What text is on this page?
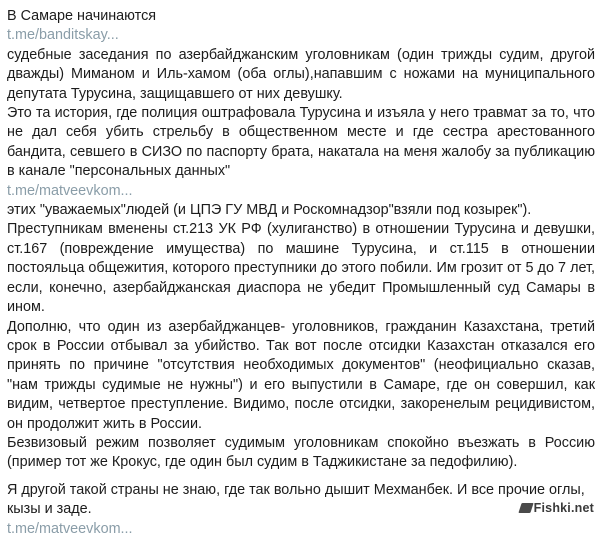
В Самаре начинаются

t.me/banditskay...

судебные заседания по азербайджанским уголовникам (один трижды судим, другой дважды) Миманом и Иль-хамом (оба оглы),напавшим с ножами на муниципального депутата Турусина, защищавшего от них девушку.

Это та история, где полиция оштрафовала Турусина и изъяла у него травмат за то, что не дал себя убить стрельбу в общественном месте и где сестра арестованного бандита, севшего в СИЗО по паспорту брата, накатала на меня жалобу за публикацию в канале "персональных данных"

t.me/matveevkom...

этих "уважаемых"людей (и ЦПЭ ГУ МВД и Роскомнадзор"взяли под козырек").

Преступникам вменены ст.213 УК РФ (хулиганство) в отношении Турусина и девушки, ст.167 (повреждение имущества) по машине Турусина, и ст.115 в отношении постояльца общежития, которого преступники до этого побили. Им грозит от 5 до 7 лет, если, конечно, азербайджанская диаспора не убедит Промышленный суд Самары в ином.

Дополню, что один из азербайджанцев- уголовников, гражданин Казахстана, третий срок в России отбывал за убийство. Так вот после отсидки Казахстан отказался его принять по причине "отсутствия необходимых документов" (неофициально сказав, "нам трижды судимые не нужны") и его выпустили в Самаре, где он совершил, как видим, четвертое преступление. Видимо, после отсидки, закоренелым рецидивистом, он продолжит жить в России.

Безвизовый режим позволяет судимым уголовникам спокойно въезжать в Россию (пример тот же Крокус, где один был судим в Таджикистане за педофилию).

Я другой такой страны не знаю, где так вольно дышит Мехманбек. И все прочие оглы, кызы и заде.

t.me/matveevkom...
Fishki.net
